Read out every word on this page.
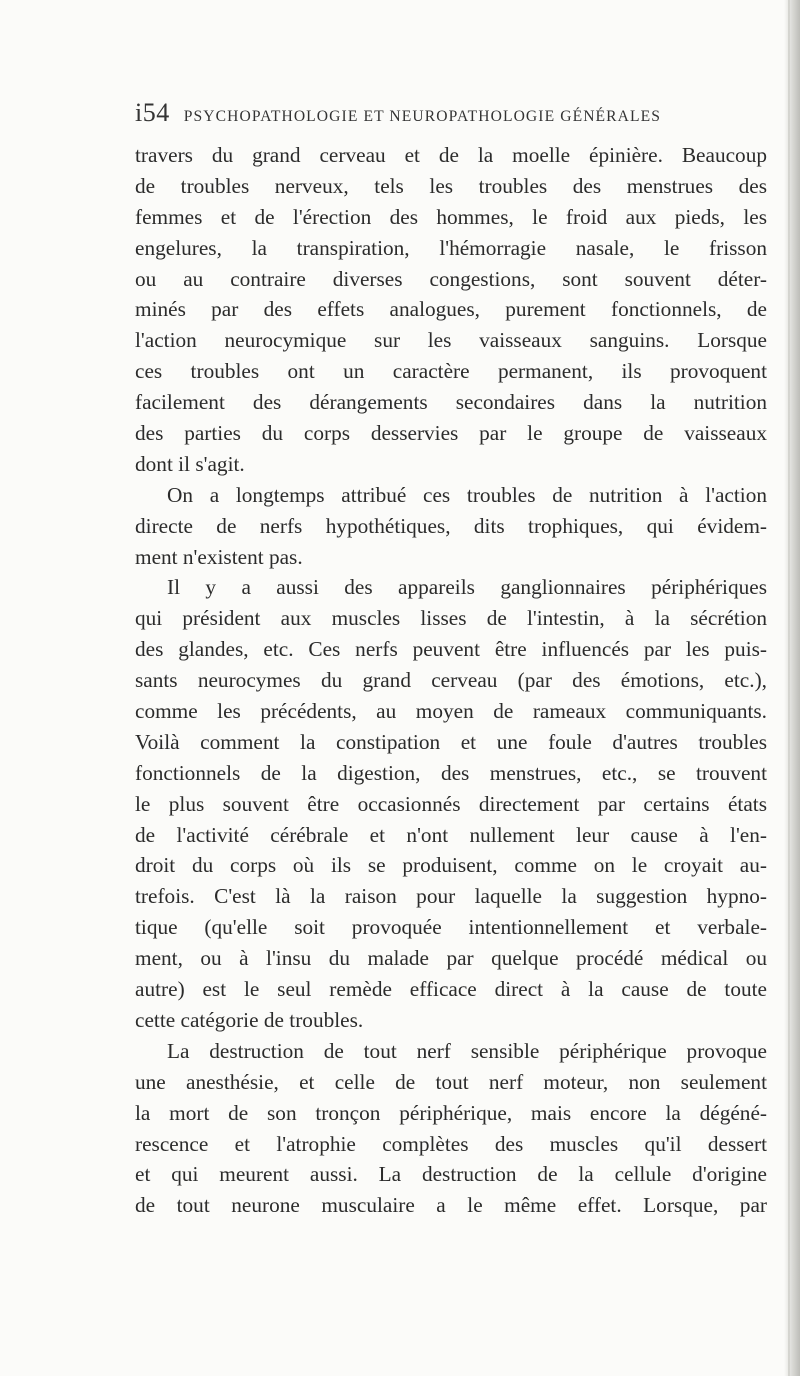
i54 PSYCHOPATHOLOGIE ET NEUROPATHOLOGIE GÉNÉRALES
travers du grand cerveau et de la moelle épinière. Beaucoup
de troubles nerveux, tels les troubles des menstrues des
femmes et de l'érection des hommes, le froid aux pieds, les
engelures, la transpiration, l'hémorragie nasale, le frisson
ou au contraire diverses congestions, sont souvent déter-
minés par des effets analogues, purement fonctionnels, de
l'action neurocymique sur les vaisseaux sanguins. Lorsque
ces troubles ont un caractère permanent, ils provoquent
facilement des dérangements secondaires dans la nutrition
des parties du corps desservies par le groupe de vaisseaux
dont il s'agit.
On a longtemps attribué ces troubles de nutrition à l'action
directe de nerfs hypothétiques, dits trophiques, qui évidem-
ment n'existent pas.
Il y a aussi des appareils ganglionnaires périphériques
qui président aux muscles lisses de l'intestin, à la sécrétion
des glandes, etc. Ces nerfs peuvent être influencés par les puis-
sants neurocymes du grand cerveau (par des émotions, etc.),
comme les précédents, au moyen de rameaux communiquants.
Voilà comment la constipation et une foule d'autres troubles
fonctionnels de la digestion, des menstrues, etc., se trouvent
le plus souvent être occasionnés directement par certains états
de l'activité cérébrale et n'ont nullement leur cause à l'en-
droit du corps où ils se produisent, comme on le croyait au-
trefois. C'est là la raison pour laquelle la suggestion hypno-
tique (qu'elle soit provoquée intentionnellement et verbale-
ment, ou à l'insu du malade par quelque procédé médical ou
autre) est le seul remède efficace direct à la cause de toute
cette catégorie de troubles.
La destruction de tout nerf sensible périphérique provoque
une anesthésie, et celle de tout nerf moteur, non seulement
la mort de son tronçon périphérique, mais encore la dégéné-
rescence et l'atrophie complètes des muscles qu'il dessert
et qui meurent aussi. La destruction de la cellule d'origine
de tout neurone musculaire a le même effet. Lorsque, par
